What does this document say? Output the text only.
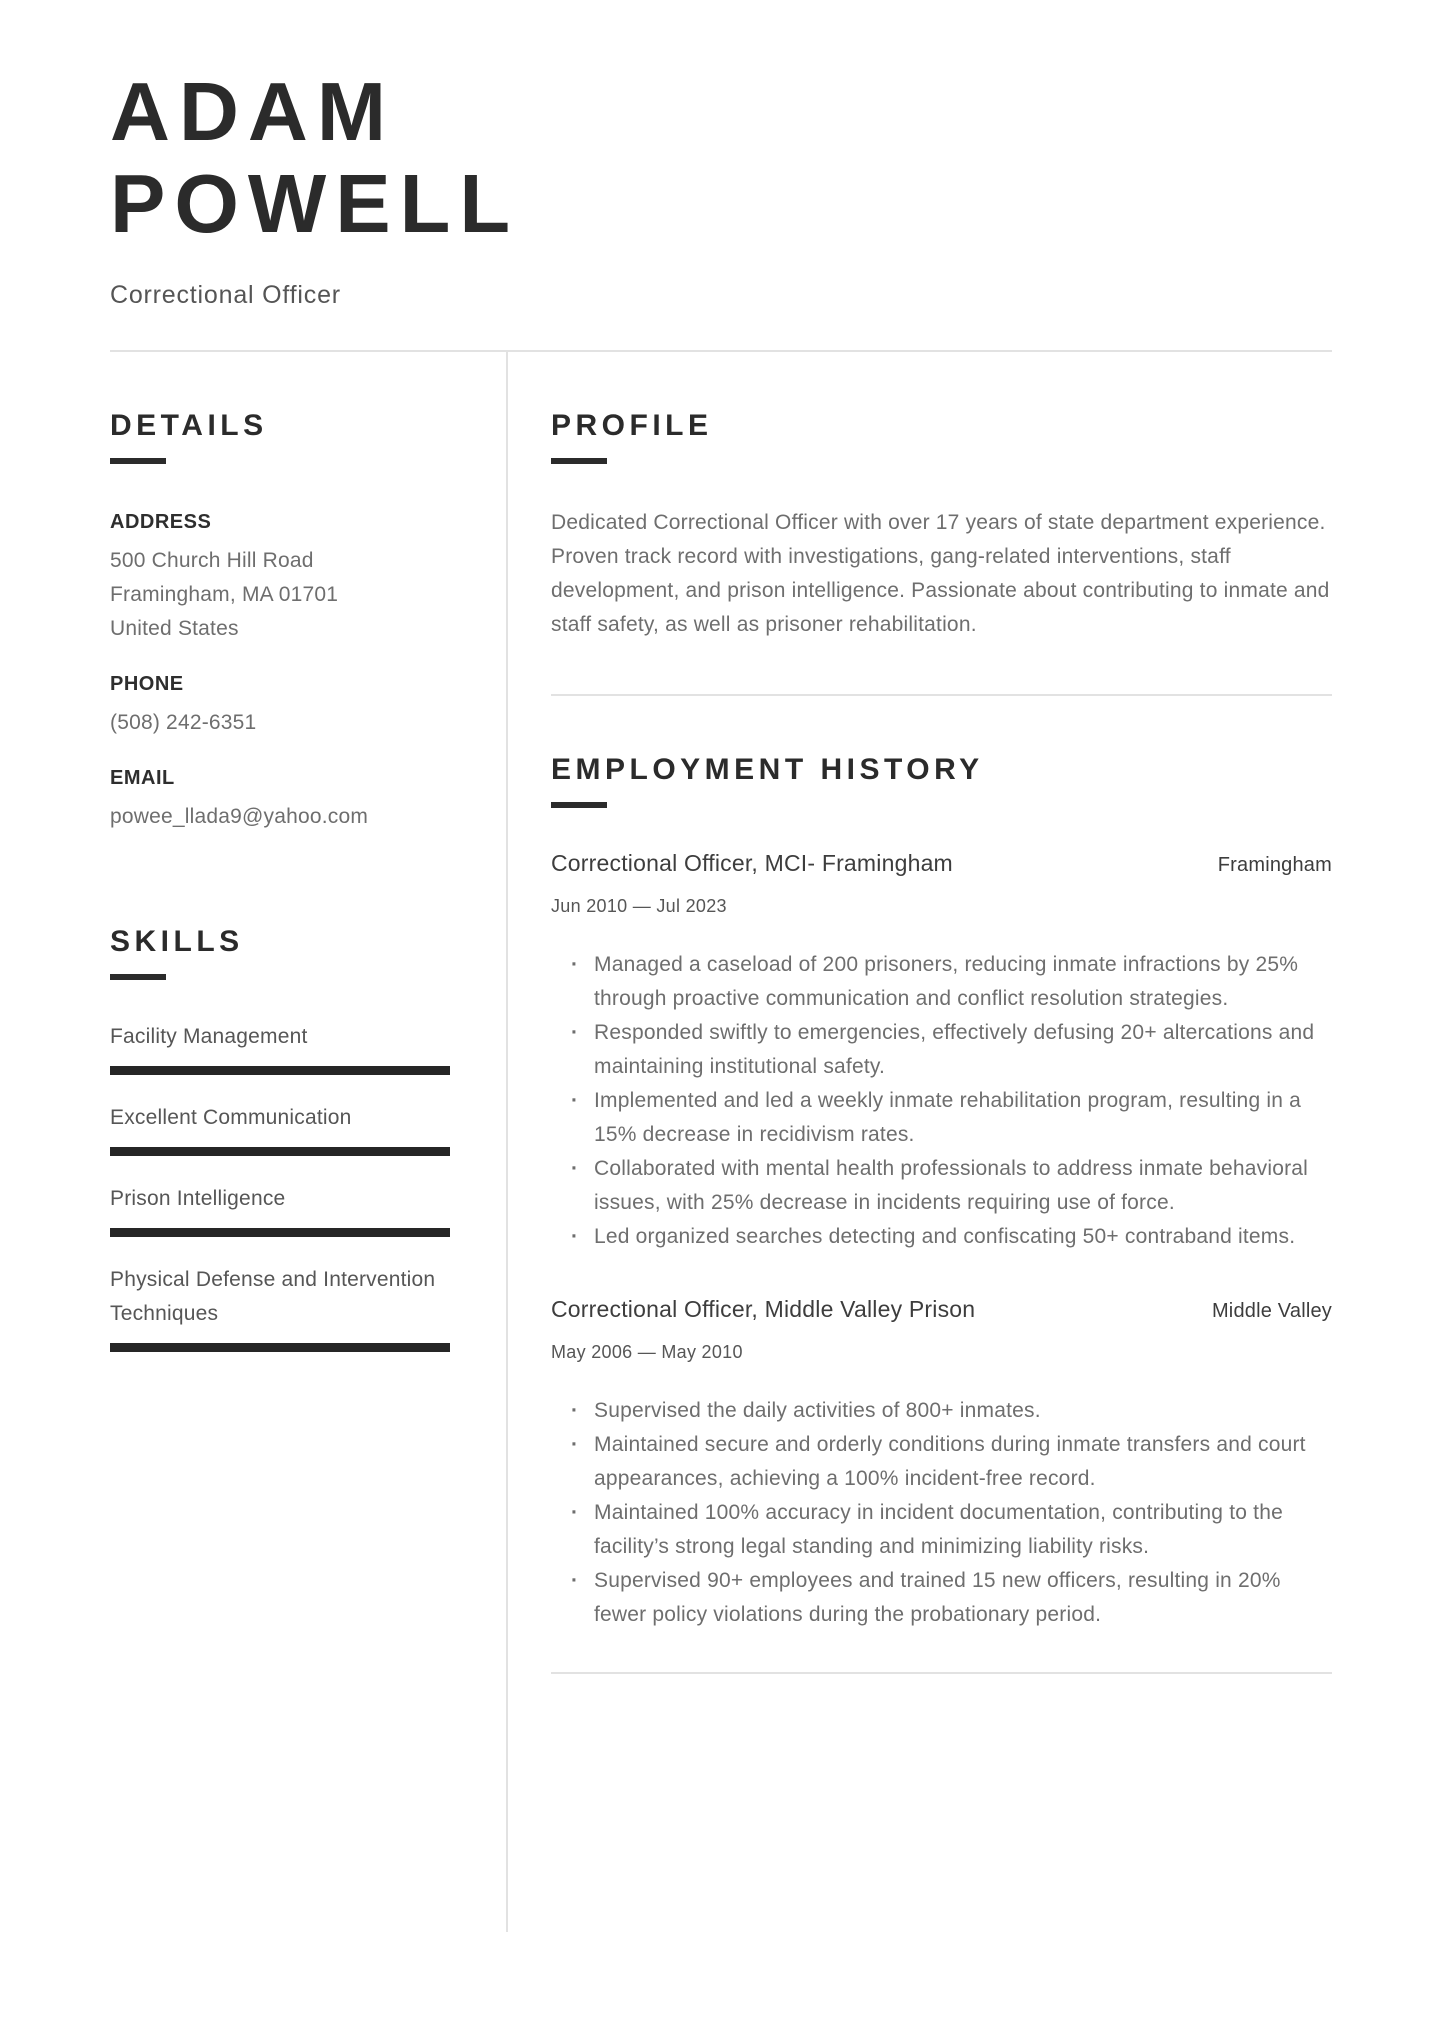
ADAM
POWELL
Correctional Officer
DETAILS
ADDRESS
500 Church Hill Road
Framingham, MA 01701
United States
PHONE
(508) 242-6351
EMAIL
powee_llada9@yahoo.com
SKILLS
Facility Management
Excellent Communication
Prison Intelligence
Physical Defense and Intervention Techniques
PROFILE
Dedicated Correctional Officer with over 17 years of state department experience. Proven track record with investigations, gang-related interventions, staff development, and prison intelligence. Passionate about contributing to inmate and staff safety, as well as prisoner rehabilitation.
EMPLOYMENT HISTORY
Correctional Officer, MCI- Framingham	Framingham
Jun 2010 — Jul 2023
· Managed a caseload of 200 prisoners, reducing inmate infractions by 25% through proactive communication and conflict resolution strategies.
· Responded swiftly to emergencies, effectively defusing 20+ altercations and maintaining institutional safety.
· Implemented and led a weekly inmate rehabilitation program, resulting in a 15% decrease in recidivism rates.
· Collaborated with mental health professionals to address inmate behavioral issues, with 25% decrease in incidents requiring use of force.
· Led organized searches detecting and confiscating 50+ contraband items.
Correctional Officer, Middle Valley Prison	Middle Valley
May 2006 — May 2010
· Supervised the daily activities of 800+ inmates.
· Maintained secure and orderly conditions during inmate transfers and court appearances, achieving a 100% incident-free record.
· Maintained 100% accuracy in incident documentation, contributing to the facility’s strong legal standing and minimizing liability risks.
· Supervised 90+ employees and trained 15 new officers, resulting in 20% fewer policy violations during the probationary period.
